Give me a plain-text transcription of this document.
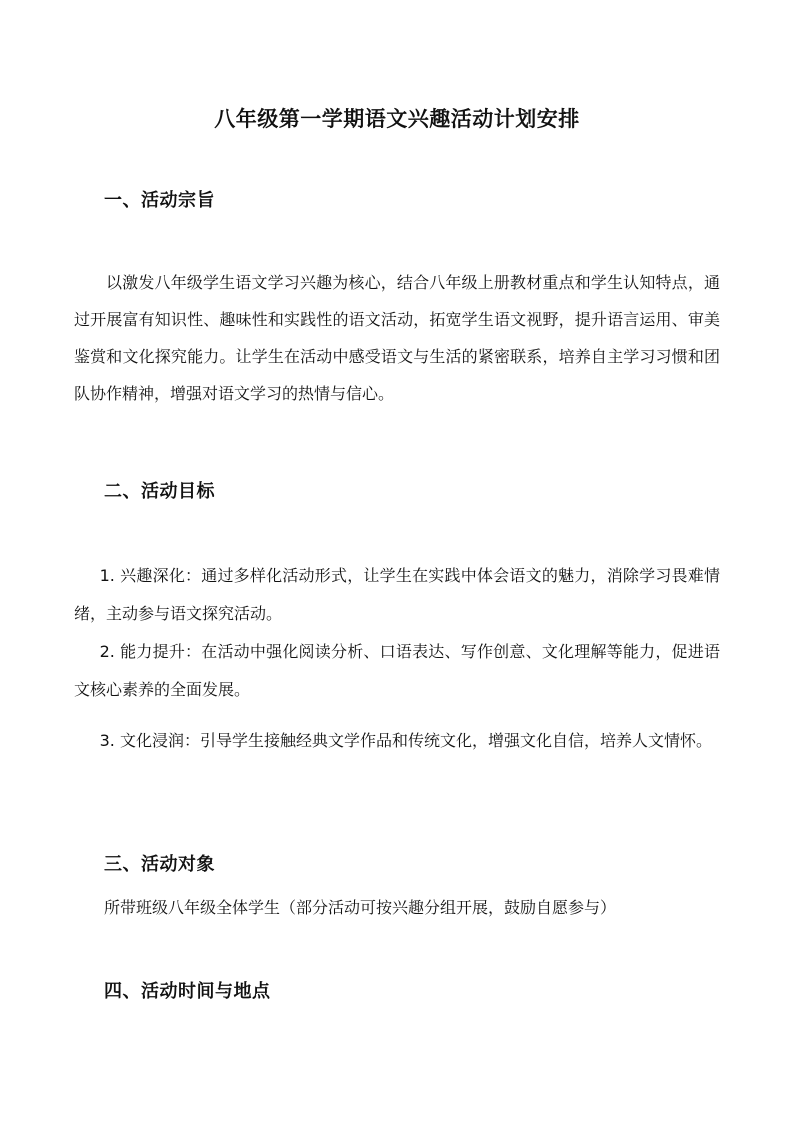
八年级第一学期语文兴趣活动计划安排
一、活动宗旨

以激发八年级学生语文学习兴趣为核心，结合八年级上册教材重点和学生认知特点，通过开展富有知识性、趣味性和实践性的语文活动，拓宽学生语文视野，提升语言运用、审美鉴赏和文化探究能力。让学生在活动中感受语文与生活的紧密联系，培养自主学习习惯和团队协作精神，增强对语文学习的热情与信心。

二、活动目标

1. 兴趣深化：通过多样化活动形式，让学生在实践中体会语文的魅力，消除学习畏难情绪，主动参与语文探究活动。

2. 能力提升：在活动中强化阅读分析、口语表达、写作创意、文化理解等能力，促进语文核心素养的全面发展。

3. 文化浸润：引导学生接触经典文学作品和传统文化，增强文化自信，培养人文情怀。

三、活动对象

所带班级八年级全体学生（部分活动可按兴趣分组开展，鼓励自愿参与）

四、活动时间与地点
